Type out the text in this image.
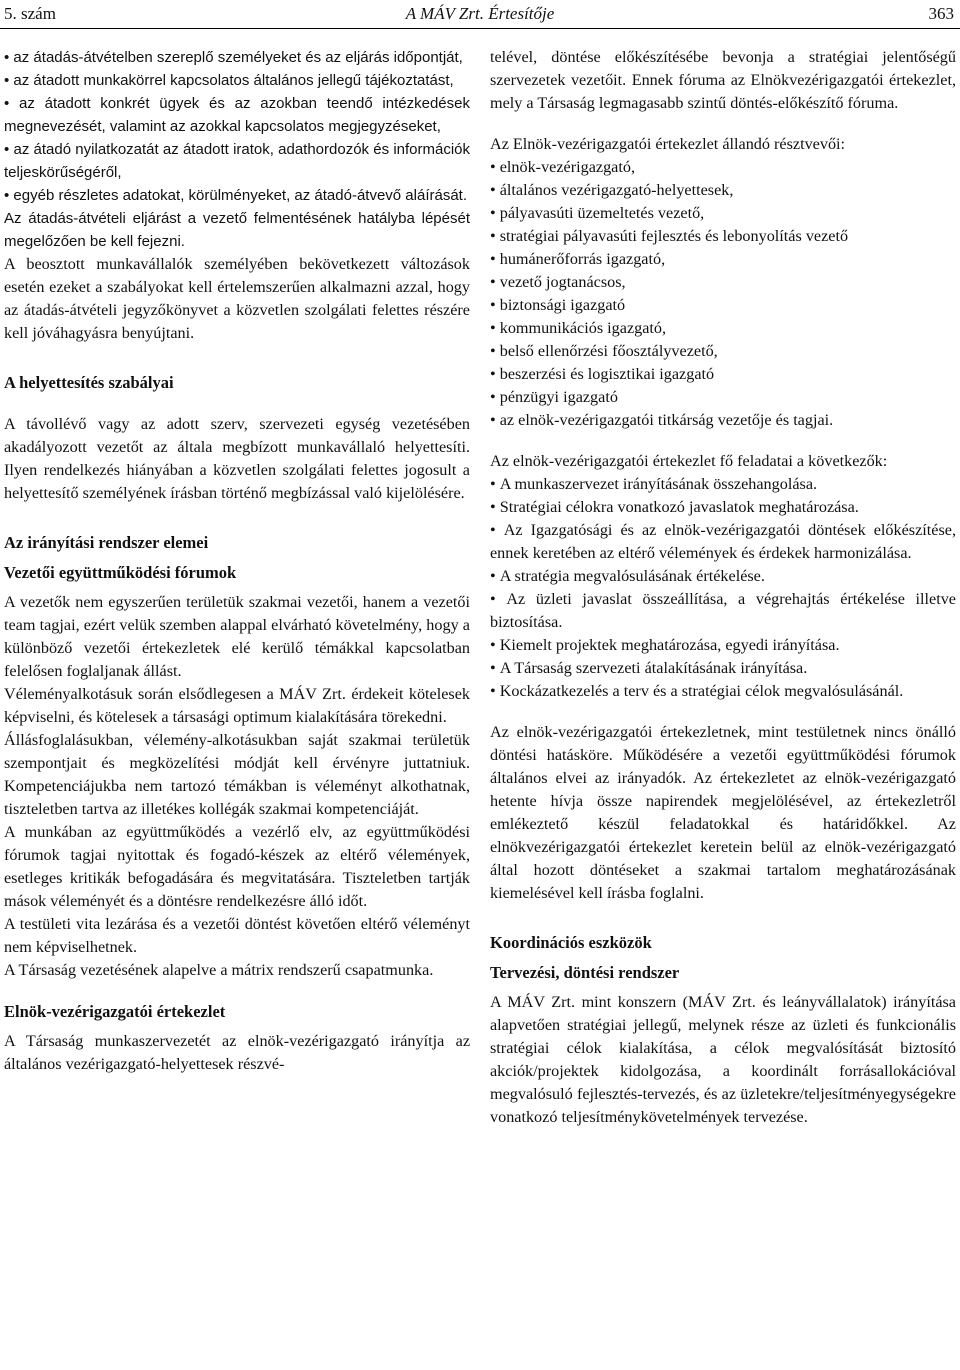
5. szám	A MÁV Zrt. Értesítője	363
• az átadás-átvételben szereplő személyeket és az eljárás időpontját,
• az átadott munkakörrel kapcsolatos általános jellegű tájékoztatást,
• az átadott konkrét ügyek és az azokban teendő intézkedések megnevezését, valamint az azokkal kapcsolatos megjegyzéseket,
• az átadó nyilatkozatát az átadott iratok, adathordozók és információk teljeskörűségéről,
• egyéb részletes adatokat, körülményeket, az átadó-átvevő aláírását.

Az átadás-átvételi eljárást a vezető felmentésének hatályba lépését megelőzően be kell fejezni.

A beosztott munkavállalók személyében bekövetkezett változások esetén ezeket a szabályokat kell értelemszerűen alkalmazni azzal, hogy az átadás-átvételi jegyzőkönyvet a közvetlen szolgálati felettes részére kell jóváhagyásra benyújtani.

A helyettesítés szabályai

A távollévő vagy az adott szerv, szervezeti egység vezetésében akadályozott vezetőt az általa megbízott munkavállaló helyettesíti. Ilyen rendelkezés hiányában a közvetlen szolgálati felettes jogosult a helyettesítő személyének írásban történő megbízással való kijelölésére.

Az irányítási rendszer elemei
Vezetői együttműködési fórumok

A vezetők nem egyszerűen területük szakmai vezetői, hanem a vezetői team tagjai, ezért velük szemben alappal elvárható követelmény, hogy a különböző vezetői értekezletek elé kerülő témákkal kapcsolatban felelősen foglaljanak állást.

Véleményalkotásuk során elsődlegesen a MÁV Zrt. érdekeit kötelesek képviselni, és kötelesek a társasági optimum kialakítására törekedni.

Állásfoglalásukban, vélemény-alkotásukban saját szakmai területük szempontjait és megközelítési módját kell érvényre juttatniuk. Kompetenciájukba nem tartozó témákban is véleményt alkothatnak, tiszteletben tartva az illetékes kollégák szakmai kompetenciáját.

A munkában az együttműködés a vezérlő elv, az együttműködési fórumok tagjai nyitottak és fogadó-készek az eltérő vélemények, esetleges kritikák befogadására és megvitatására. Tiszteletben tartják mások véleményét és a döntésre rendelkezésre álló időt.

A testületi vita lezárása és a vezetői döntést követően eltérő véleményt nem képviselhetnek.

A Társaság vezetésének alapelve a mátrix rendszerű csapatmunka.

Elnök-vezérigazgatói értekezlet

A Társaság munkaszervezetét az elnök-vezérigazgató irányítja az általános vezérigazgató-helyettesek részvé-

telével, döntése előkészítésébe bevonja a stratégiai jelentőségű szervezetek vezetőit. Ennek fóruma az Elnökvezérigazgatói értekezlet, mely a Társaság legmagasabb szintű döntés-előkészítő fóruma.

Az Elnök-vezérigazgatói értekezlet állandó résztvevői:

• elnök-vezérigazgató,
• általános vezérigazgató-helyettesek,
• pályavasúti üzemeltetés vezető,
• stratégiai pályavasúti fejlesztés és lebonyolítás vezető
• humánerőforrás igazgató,
• vezető jogtanácsos,
• biztonsági igazgató
• kommunikációs igazgató,
• belső ellenőrzési főosztályvezető,
• beszerzési és logisztikai igazgató
• pénzügyi igazgató
• az elnök-vezérigazgatói titkárság vezetője és tagjai.

Az elnök-vezérigazgatói értekezlet fő feladatai a következők:

• A munkaszervezet irányításának összehangolása.
• Stratégiai célokra vonatkozó javaslatok meghatározása.
• Az Igazgatósági és az elnök-vezérigazgatói döntések előkészítése, ennek keretében az eltérő vélemények és érdekek harmonizálása.
• A stratégia megvalósulásának értékelése.
• Az üzleti javaslat összeállítása, a végrehajtás értékelése illetve biztosítása.
• Kiemelt projektek meghatározása, egyedi irányítása.
• A Társaság szervezeti átalakításának irányítása.
• Kockázatkezelés a terv és a stratégiai célok megvalósulásánál.

Az elnök-vezérigazgatói értekezletnek, mint testületnek nincs önálló döntési hatásköre. Működésére a vezetői együttműködési fórumok általános elvei az irányadók. Az értekezletet az elnök-vezérigazgató hetente hívja össze napirendek megjelölésével, az értekezletről emlékeztető készül feladatokkal és határidőkkel. Az elnökvezérigazgatói értekezlet keretein belül az elnök-vezérigazgató által hozott döntéseket a szakmai tartalom meghatározásának kiemelésével kell írásba foglalni.

Koordinációs eszközök
Tervezési, döntési rendszer

A MÁV Zrt. mint konszern (MÁV Zrt. és leányvállalatok) irányítása alapvetően stratégiai jellegű, melynek része az üzleti és funkcionális stratégiai célok kialakítása, a célok megvalósítását biztosító akciók/projektek kidolgozása, a koordinált forrásallokációval megvalósuló fejlesztés-tervezés, és az üzletekre/teljesítményegységekre vonatkozó teljesítménykövetelmények tervezése.
